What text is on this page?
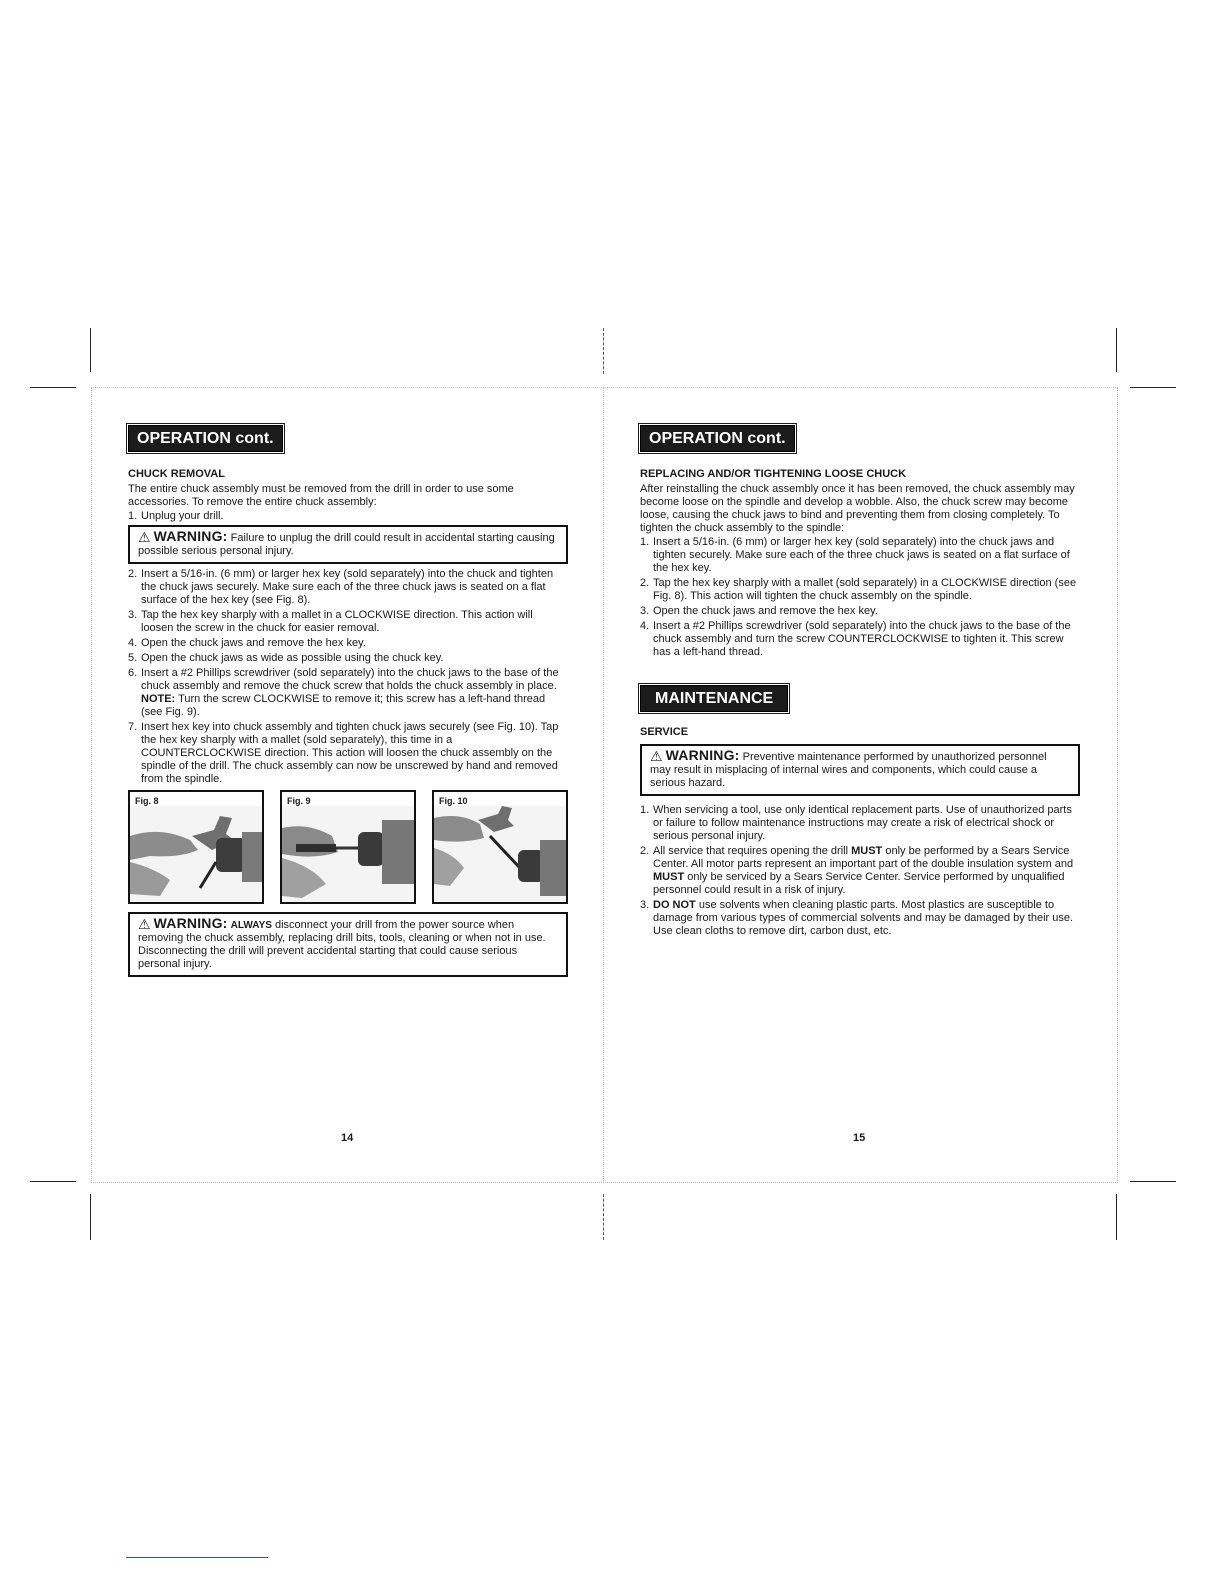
OPERATION cont.
CHUCK REMOVAL
The entire chuck assembly must be removed from the drill in order to use some accessories. To remove the entire chuck assembly:
1. Unplug your drill.
⚠ WARNING: Failure to unplug the drill could result in accidental starting causing possible serious personal injury.
2. Insert a 5/16-in. (6 mm) or larger hex key (sold separately) into the chuck and tighten the chuck jaws securely. Make sure each of the three chuck jaws is seated on a flat surface of the hex key (see Fig. 8).
3. Tap the hex key sharply with a mallet in a CLOCKWISE direction. This action will loosen the screw in the chuck for easier removal.
4. Open the chuck jaws and remove the hex key.
5. Open the chuck jaws as wide as possible using the chuck key.
6. Insert a #2 Phillips screwdriver (sold separately) into the chuck jaws to the base of the chuck assembly and remove the chuck screw that holds the chuck assembly in place. NOTE: Turn the screw CLOCKWISE to remove it; this screw has a left-hand thread (see Fig. 9).
7. Insert hex key into chuck assembly and tighten chuck jaws securely (see Fig. 10). Tap the hex key sharply with a mallet (sold separately), this time in a COUNTERCLOCKWISE direction. This action will loosen the chuck assembly on the spindle of the drill. The chuck assembly can now be unscrewed by hand and removed from the spindle.
Fig. 8	Fig. 9	Fig. 10
⚠ WARNING: ALWAYS disconnect your drill from the power source when removing the chuck assembly, replacing drill bits, tools, cleaning or when not in use. Disconnecting the drill will prevent accidental starting that could cause serious personal injury.
14
OPERATION cont.
REPLACING AND/OR TIGHTENING LOOSE CHUCK
After reinstalling the chuck assembly once it has been removed, the chuck assembly may become loose on the spindle and develop a wobble. Also, the chuck screw may become loose, causing the chuck jaws to bind and preventing them from closing completely. To tighten the chuck assembly to the spindle:
1. Insert a 5/16-in. (6 mm) or larger hex key (sold separately) into the chuck jaws and tighten securely. Make sure each of the three chuck jaws is seated on a flat surface of the hex key.
2. Tap the hex key sharply with a mallet (sold separately) in a CLOCKWISE direction (see Fig. 8). This action will tighten the chuck assembly on the spindle.
3. Open the chuck jaws and remove the hex key.
4. Insert a #2 Phillips screwdriver (sold separately) into the chuck jaws to the base of the chuck assembly and turn the screw COUNTERCLOCKWISE to tighten it. This screw has a left-hand thread.
MAINTENANCE
SERVICE
⚠ WARNING: Preventive maintenance performed by unauthorized personnel may result in misplacing of internal wires and components, which could cause a serious hazard.
1. When servicing a tool, use only identical replacement parts. Use of unauthorized parts or failure to follow maintenance instructions may create a risk of electrical shock or serious personal injury.
2. All service that requires opening the drill MUST only be performed by a Sears Service Center. All motor parts represent an important part of the double insulation system and MUST only be serviced by a Sears Service Center. Service performed by unqualified personnel could result in a risk of injury.
3. DO NOT use solvents when cleaning plastic parts. Most plastics are susceptible to damage from various types of commercial solvents and may be damaged by their use. Use clean cloths to remove dirt, carbon dust, etc.
15
